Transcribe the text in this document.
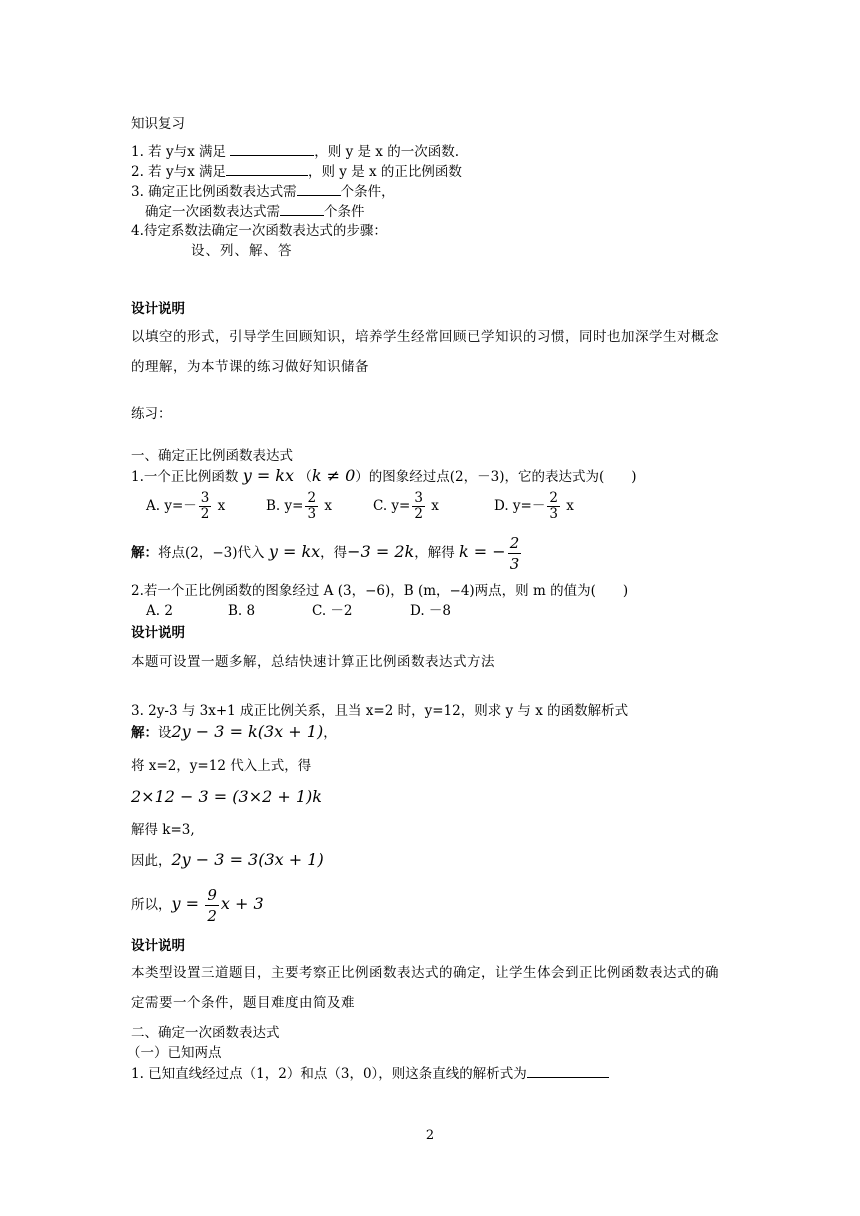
知识复习
1. 若 y与x 满足	，则 y 是 x 的一次函数.
2. 若 y与x 满足	，则 y 是 x 的正比例函数
3. 确定正比例函数表达式需	个条件，
确定一次函数表达式需	个条件
4.待定系数法确定一次函数表达式的步骤：
设、列、解、答
设计说明
以填空的形式，引导学生回顾知识，培养学生经常回顾已学知识的习惯，同时也加深学生对概念的理解，为本节课的练习做好知识储备
练习：
一、确定正比例函数表达式
1.一个正比例函数 y = kx （k ≠ 0）的图象经过点(2，－3)，它的表达式为(　　)
A. $y=- \frac{3}{2}$ x	B. $y= \frac{2}{3}$ x	C. $y= \frac{3}{2}$ x	D. $y=- \frac{2}{3}$ x
解：将点(2，−3)代入 y = kx，得−3 = 2k，解得 k = − $\frac{2}{3}$
2.若一个正比例函数的图象经过 A (3，−6)，B (m，−4)两点，则 m 的值为(　　)
A. 2	B. 8	C. －2	D. －8
设计说明
本题可设置一题多解，总结快速计算正比例函数表达式方法
3. 2y-3 与 3x+1 成正比例关系，且当 x=2 时，y=12，则求 y 与 x 的函数解析式
解：设2y − 3 = k(3x + 1)，
将 x=2，y=12 代入上式，得
2×12 − 3 = (3×2 + 1)k
解得 k=3,
因此，2y − 3 = 3(3x + 1)
所以，$y = \frac{9}{2}$ x + 3
设计说明
本类型设置三道题目，主要考察正比例函数表达式的确定，让学生体会到正比例函数表达式的确定需要一个条件，题目难度由简及难
二、确定一次函数表达式
（一）已知两点
1. 已知直线经过点（1，2）和点（3，0），则这条直线的解析式为
2
